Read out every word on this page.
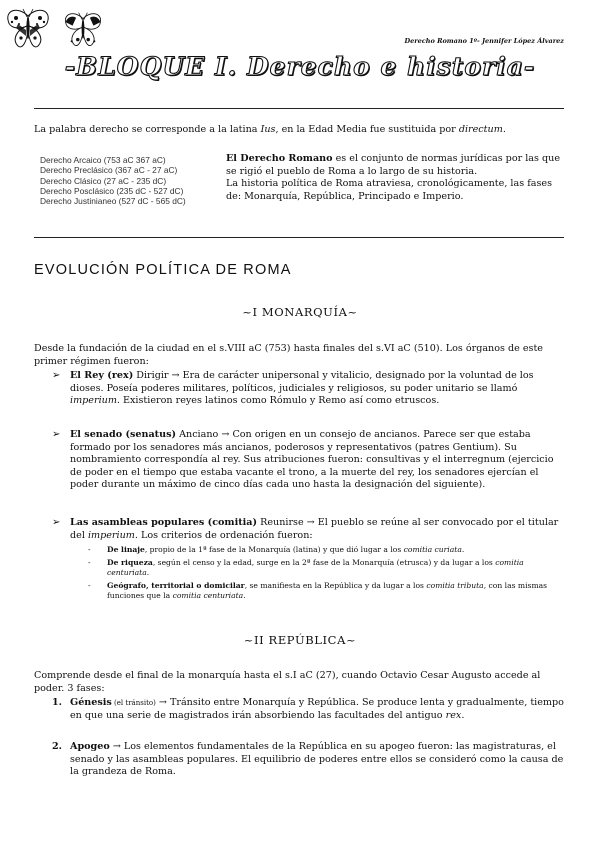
Derecho Romano 1º- Jennifer López Álvarez
-BLOQUE I. Derecho e historia-
La palabra derecho se corresponde a la latina Ius, en la Edad Media fue sustituida por directum.
Derecho Arcaico (753 aC 367 aC)
Derecho Preclásico (367 aC - 27 aC)
Derecho Clásico (27 aC - 235 dC)
Derecho Posclásico (235 dC - 527 dC)
Derecho Justinianeo (527 dC - 565 dC)
El Derecho Romano es el conjunto de normas jurídicas por las que se rigió el pueblo de Roma a lo largo de su historia.
La historia política de Roma atraviesa, cronológicamente, las fases de: Monarquía, República, Principado e Imperio.
EVOLUCIÓN POLÍTICA DE ROMA
~I MONARQUÍA~
Desde la fundación de la ciudad en el s.VIII aC (753) hasta finales del s.VI aC (510). Los órganos de este primer régimen fueron:
➢ El Rey (rex) Dirigir → Era de carácter unipersonal y vitalicio, designado por la voluntad de los dioses. Poseía poderes militares, políticos, judiciales y religiosos, su poder unitario se llamó imperium. Existieron reyes latinos como Rómulo y Remo así como etruscos.
➢ El senado (senatus) Anciano → Con origen en un consejo de ancianos. Parece ser que estaba formado por los senadores más ancianos, poderosos y representativos (patres Gentium). Su nombramiento correspondía al rey. Sus atribuciones fueron: consultivas y el interregnum (ejercicio de poder en el tiempo que estaba vacante el trono, a la muerte del rey, los senadores ejercían el poder durante un máximo de cinco días cada uno hasta la designación del siguiente).
➢ Las asambleas populares (comitia) Reunirse → El pueblo se reúne al ser convocado por el titular del imperium. Los criterios de ordenación fueron:
- De linaje, propio de la 1ª fase de la Monarquía (latina) y que dió lugar a los comitia curiata.
- De riqueza, según el censo y la edad, surge en la 2ª fase de la Monarquía (etrusca) y da lugar a los comitia centuriata.
- Geógrafo, territorial o domicilar, se manifiesta en la República y da lugar a los comitia tributa, con las mismas funciones que la comitia centuriata.
~II REPÚBLICA~
Comprende desde el final de la monarquía hasta el s.I aC (27), cuando Octavio Cesar Augusto accede al poder. 3 fases:
1. Génesis (el tránsito) → Tránsito entre Monarquía y República. Se produce lenta y gradualmente, tiempo en que una serie de magistrados irán absorbiendo las facultades del antiguo rex.
2. Apogeo → Los elementos fundamentales de la República en su apogeo fueron: las magistraturas, el senado y las asambleas populares. El equilibrio de poderes entre ellos se consideró como la causa de la grandeza de Roma.
